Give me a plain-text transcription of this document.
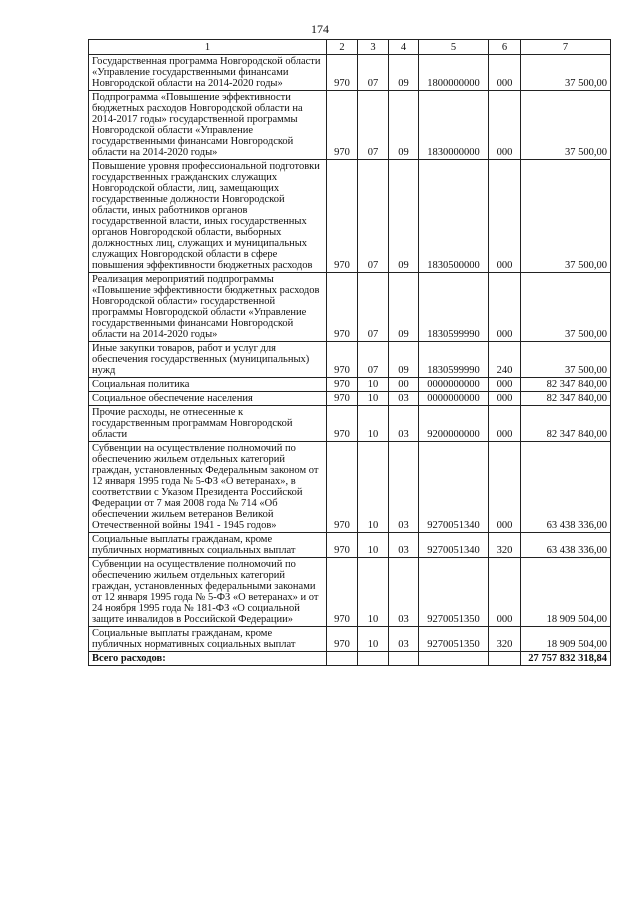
174
1	2	3	4	5	6	7
Государственная программа Новгородской области «Управление государственными финансами Новгородской области на 2014-2020 годы»	970	07	09	1800000000	000	37 500,00
Подпрограмма «Повышение эффективности бюджетных расходов Новгородской области на 2014-2017 годы» государственной программы Новгородской области «Управление государственными финансами Новгородской области на 2014-2020 годы»	970	07	09	1830000000	000	37 500,00
Повышение уровня профессиональной подготовки государственных гражданских служащих Новгородской области, лиц, замещающих государственные должности Новгородской области, иных работников органов государственной власти, иных государственных органов Новгородской области, выборных должностных лиц, служащих и муниципальных служащих Новгородской области в сфере повышения эффективности бюджетных расходов	970	07	09	1830500000	000	37 500,00
Реализация мероприятий подпрограммы «Повышение эффективности бюджетных расходов Новгородской области» государственной программы Новгородской области «Управление государственными финансами Новгородской области на 2014-2020 годы»	970	07	09	1830599990	000	37 500,00
Иные закупки товаров, работ и услуг для обеспечения государственных (муниципальных) нужд	970	07	09	1830599990	240	37 500,00
Социальная политика	970	10	00	0000000000	000	82 347 840,00
Социальное обеспечение населения	970	10	03	0000000000	000	82 347 840,00
Прочие расходы, не отнесенные к государственным программам Новгородской области	970	10	03	9200000000	000	82 347 840,00
Субвенции на осуществление полномочий по обеспечению жильем отдельных категорий граждан, установленных Федеральным законом от 12 января 1995 года № 5-ФЗ «О ветеранах», в соответствии с Указом Президента Российской Федерации от 7 мая 2008 года № 714 «Об обеспечении жильем ветеранов Великой Отечественной войны 1941 - 1945 годов»	970	10	03	9270051340	000	63 438 336,00
Социальные выплаты гражданам, кроме публичных нормативных социальных выплат	970	10	03	9270051340	320	63 438 336,00
Субвенции на осуществление полномочий по обеспечению жильем отдельных категорий граждан, установленных федеральными законами от 12 января 1995 года № 5-ФЗ «О ветеранах» и от 24 ноября 1995 года № 181-ФЗ «О социальной защите инвалидов в Российской Федерации»	970	10	03	9270051350	000	18 909 504,00
Социальные выплаты гражданам, кроме публичных нормативных социальных выплат	970	10	03	9270051350	320	18 909 504,00
Всего расходов:						27 757 832 318,84
